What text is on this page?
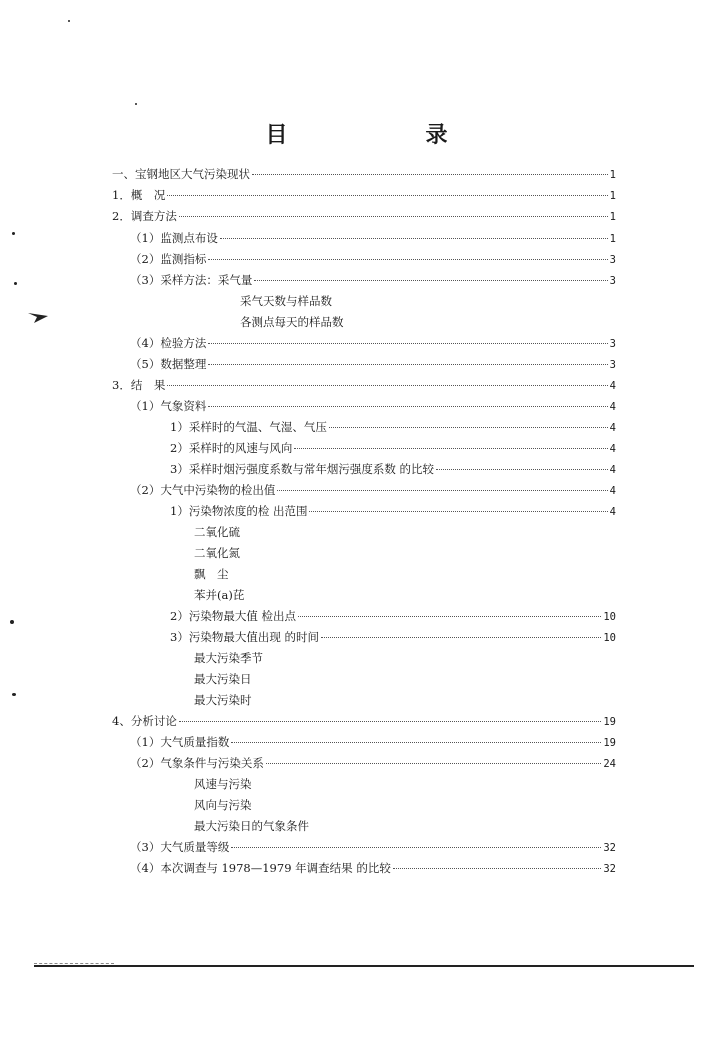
目　录
一、宝钢地区大气污染现状	1
1．概　况	1
2．调查方法	1
（1）监测点布设	1
（2）监测指标	3
（3）采样方法：采气量	3
采气天数与样品数
各测点每天的样品数
（4）检验方法	3
（5）数据整理	3
3．结　果	4
（1）气象资料	4
1）采样时的气温、气湿、气压	4
2）采样时的风速与风向	4
3）采样时烟污强度系数与常年烟污强度系数 的比较	4
（2）大气中污染物的检出值	4
1）污染物浓度的检 出范围	4
二氧化硫
二氧化氮
飘　尘
苯并(a)芘
2）污染物最大值 检出点	10
3）污染物最大值出现 的时间	10
最大污染季节
最大污染日
最大污染时
4、分析讨论	19
（1）大气质量指数	19
（2）气象条件与污染关系	24
风速与污染
风向与污染
最大污染日的气象条件
（3）大气质量等级	32
（4）本次调查与 1978—1979 年调查结果 的比较	32
